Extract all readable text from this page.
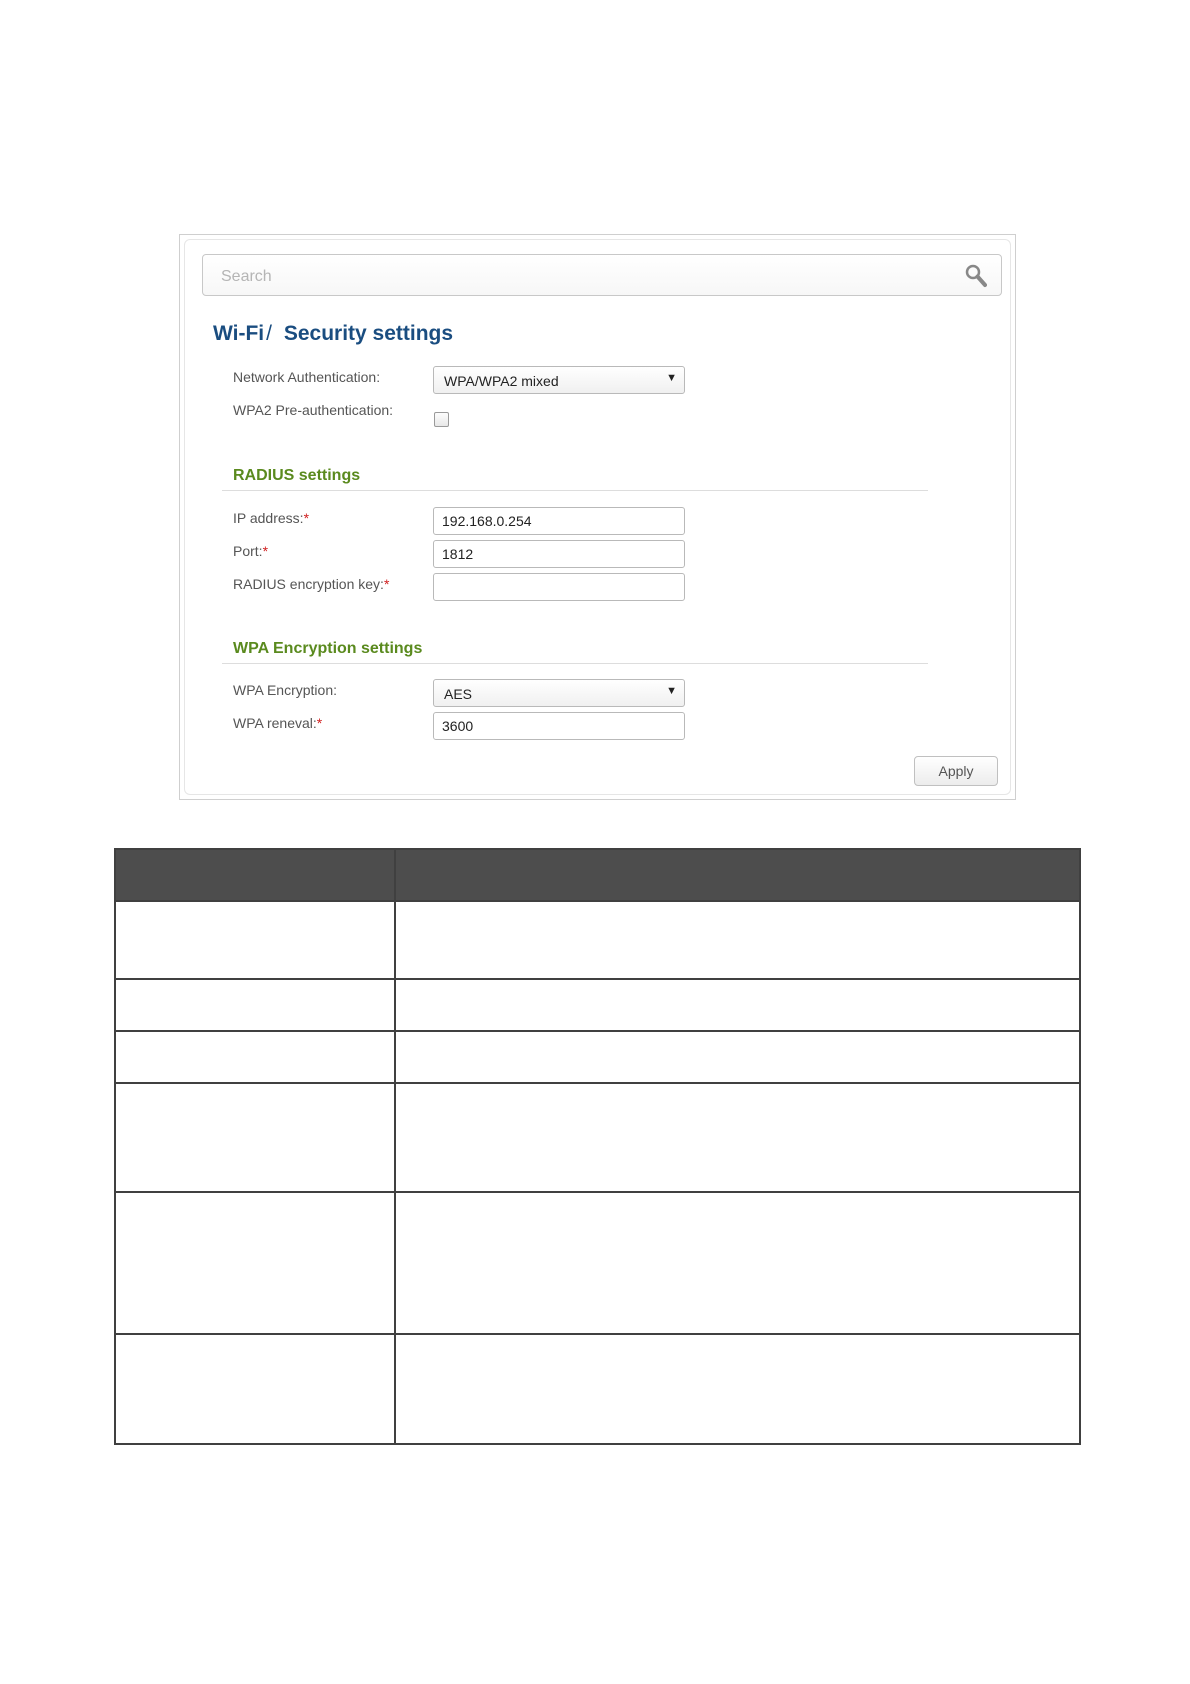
Search
Wi-Fi/ Security settings
Network Authentication:	WPA/WPA2 mixed	▼
WPA2 Pre-authentication:
RADIUS settings
IP address:*
192.168.0.254
Port:*
1812
RADIUS encryption key:*
WPA Encryption settings
WPA Encryption:	AES	▼
WPA reneval:*
3600
Apply
